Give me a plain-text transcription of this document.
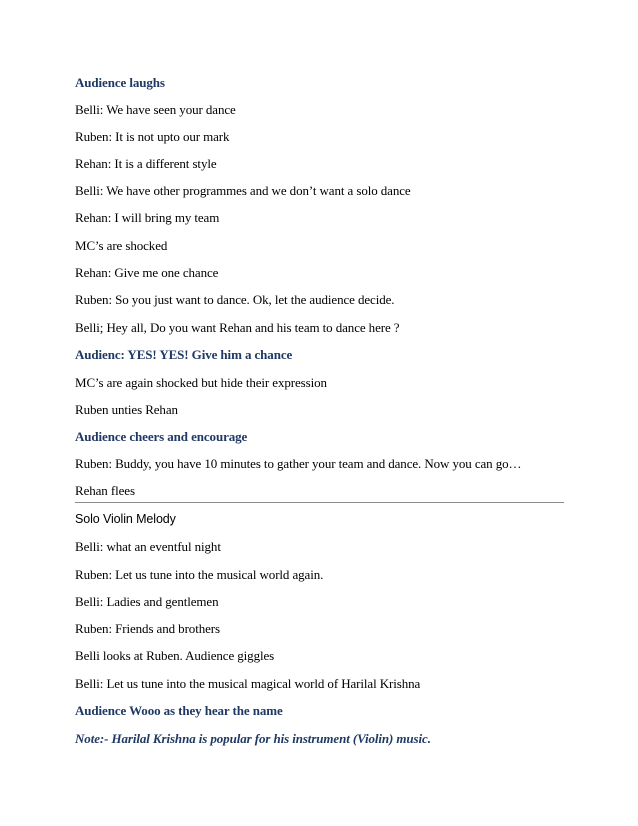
Audience laughs
Belli: We have seen your dance
Ruben: It is not upto our mark
Rehan: It is a different style
Belli: We have other programmes and we don’t want a solo dance
Rehan: I will bring my team
MC’s are shocked
Rehan: Give me one chance
Ruben: So you just want to dance. Ok, let the audience decide.
Belli; Hey all, Do you want Rehan and his team to dance here ?
Audienc: YES! YES! Give him a chance
MC’s are again shocked but hide their expression
Ruben unties Rehan
Audience cheers and encourage
Ruben: Buddy, you have 10 minutes to gather your team and dance. Now you can go…
Rehan flees
Solo Violin Melody
Belli: what an eventful night
Ruben: Let us tune into the musical world again.
Belli: Ladies and gentlemen
Ruben: Friends and brothers
Belli looks at Ruben. Audience giggles
Belli: Let us tune into the musical magical world of Harilal Krishna
Audience Wooo as they hear the name
Note:- Harilal Krishna is popular for his instrument (Violin) music.
